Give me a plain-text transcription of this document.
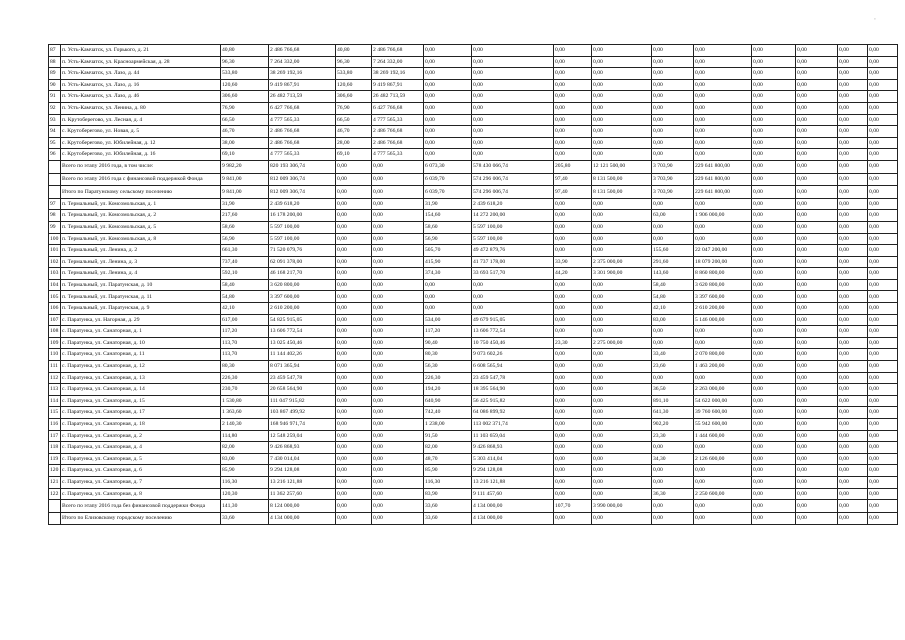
87	п. Усть-Камчатск, ул. Горького, д. 21	40,80	2 486 766,68	40,80	2 486 766,68	0,00	0,00	0,00	0,00	0,00	0,00	0,00	0,00	0,00	0,00
88	п. Усть-Камчатск, ул. Красноармейская, д. 28	96,30	7 264 332,00	96,30	7 264 332,00	0,00	0,00	0,00	0,00	0,00	0,00	0,00	0,00	0,00	0,00
89	п. Усть-Камчатск, ул. Лазо, д. 44	533,80	38 269 192,16	533,80	38 269 192,16	0,00	0,00	0,00	0,00	0,00	0,00	0,00	0,00	0,00	0,00
90	п. Усть-Камчатск, ул. Лазо, д. 16	120,60	9 419 867,91	120,60	9 419 867,91	0,00	0,00	0,00	0,00	0,00	0,00	0,00	0,00	0,00	0,00
91	п. Усть-Камчатск, ул. Лазо, д. 46	306,60	26 482 713,59	306,60	26 482 713,59	0,00	0,00	0,00	0,00	0,00	0,00	0,00	0,00	0,00	0,00
92	п. Усть-Камчатск, ул. Ленина, д. 80	76,90	6 427 766,68	76,90	6 427 766,68	0,00	0,00	0,00	0,00	0,00	0,00	0,00	0,00	0,00	0,00
93	п. Крутоберегово, ул. Лесная, д. 4	66,50	4 777 565,33	66,50	4 777 565,33	0,00	0,00	0,00	0,00	0,00	0,00	0,00	0,00	0,00	0,00
94	с. Крутоберегово, ул. Новая, д. 5	46,70	2 486 766,68	46,70	2 486 766,68	0,00	0,00	0,00	0,00	0,00	0,00	0,00	0,00	0,00	0,00
95	с. Крутоберегово, ул. Юбилейная, д. 12	38,00	2 486 766,68	28,00	2 486 766,68	0,00	0,00	0,00	0,00	0,00	0,00	0,00	0,00	0,00	0,00
96	с. Крутоберегово, ул. Юбилейная, д. 16	69,10	4 777 565,33	69,10	4 777 565,33	0,00	0,00	0,00	0,00	0,00	0,00	0,00	0,00	0,00	0,00
	Всего по этапу 2016 года, в том числе:	9 982,20	820 193 306,74	0,00	0,00	6 073,30	578 430 066,74	205,80	12 121 500,00	3 703,90	229 641 800,00	0,00	0,00	0,00	0,00
	Всего по этапу 2016 года с финансовой поддержкой Фонда	9 841,00	812 009 306,74	0,00	0,00	6 039,70	574 296 006,74	97,40	8 131 500,00	3 703,90	229 641 800,00	0,00	0,00	0,00	0,00
	Итого по Паратунскому сельскому поселению	9 841,00	812 009 306,74	0,00	0,00	6 039,70	574 296 006,74	97,40	8 131 500,00	3 703,90	229 641 800,00	0,00	0,00	0,00	0,00
97	п. Термальный, ул. Комсомольская, д. 1	31,90	2 439 618,20	0,00	0,00	31,90	2 439 618,20	0,00	0,00	0,00	0,00	0,00	0,00	0,00	0,00
98	п. Термальный, ул. Комсомольская, д. 2	217,60	16 178 200,00	0,00	0,00	154,60	14 272 200,00	0,00	0,00	63,00	1 906 000,00	0,00	0,00	0,00	0,00
99	п. Термальный, ул. Комсомольская, д. 5	58,60	5 597 100,00	0,00	0,00	58,60	5 597 100,00	0,00	0,00	0,00	0,00	0,00	0,00	0,00	0,00
100	п. Термальный, ул. Комсомольская, д. 8	56,90	5 597 100,00	0,00	0,00	56,90	5 597 100,00	0,00	0,00	0,00	0,00	0,00	0,00	0,00	0,00
101	п. Термальный, ул. Ленина, д. 2	661,30	71 520 079,76	0,00	0,00	505,70	49 472 879,76	0,00	0,00	155,60	22 047 200,00	0,00	0,00	0,00	0,00
102	п. Термальный, ул. Ленина, д. 3	737,40	62 091 378,00	0,00	0,00	415,90	41 737 178,00	33,90	2 375 000,00	291,60	18 079 200,00	0,00	0,00	0,00	0,00
103	п. Термальный, ул. Ленина, д. 4	592,10	46 168 217,70	0,00	0,00	374,30	33 693 517,70	44,20	3 301 900,00	143,60	8 860 800,00	0,00	0,00	0,00	0,00
104	п. Термальный, ул. Паратунская, д. 10	58,40	3 620 800,00	0,00	0,00	0,00	0,00	0,00	0,00	58,40	3 620 800,00	0,00	0,00	0,00	0,00
105	п. Термальный, ул. Паратунская, д. 11	54,80	3 397 600,00	0,00	0,00	0,00	0,00	0,00	0,00	54,80	3 397 600,00	0,00	0,00	0,00	0,00
106	п. Термальный, ул. Паратунская, д. 9	42,10	2 610 200,00	0,00	0,00	0,00	0,00	0,00	0,00	42,10	2 610 200,00	0,00	0,00	0,00	0,00
107	с. Паратунка, ул. Нагорная, д. 29	617,00	54 825 915,05	0,00	0,00	534,00	49 679 915,05	0,00	0,00	83,00	5 146 000,00	0,00	0,00	0,00	0,00
108	с. Паратунка, ул. Санаторная, д. 1	117,20	13 606 772,54	0,00	0,00	117,20	13 606 772,54	0,00	0,00	0,00	0,00	0,00	0,00	0,00	0,00
109	с. Паратунка, ул. Санаторная, д. 10	113,70	13 025 450,46	0,00	0,00	90,40	10 750 450,46	23,30	2 275 000,00	0,00	0,00	0,00	0,00	0,00	0,00
110	с. Паратунка, ул. Санаторная, д. 11	113,70	11 144 402,26	0,00	0,00	80,30	9 073 602,26	0,00	0,00	33,40	2 070 800,00	0,00	0,00	0,00	0,00
111	с. Паратунка, ул. Санаторная, д. 12	80,30	8 071 365,94	0,00	0,00	56,30	6 608 565,94	0,00	0,00	23,60	1 463 200,00	0,00	0,00	0,00	0,00
112	с. Паратунка, ул. Санаторная, д. 13	226,30	23 459 547,78	0,00	0,00	226,30	23 459 547,78	0,00	0,00	0,00	0,00	0,00	0,00	0,00	0,00
113	с. Паратунка, ул. Санаторная, д. 14	230,70	20 658 564,90	0,00	0,00	194,20	18 395 564,90	0,00	0,00	36,50	2 263 000,00	0,00	0,00	0,00	0,00
114	с. Паратунка, ул. Санаторная, д. 15	1 530,80	111 047 915,82	0,00	0,00	640,90	56 425 915,82	0,00	0,00	891,10	54 622 000,00	0,00	0,00	0,00	0,00
115	с. Паратунка, ул. Санаторная, д. 17	1 363,60	103 867 499,92	0,00	0,00	742,40	64 086 899,92	0,00	0,00	641,30	39 760 600,00	0,00	0,00	0,00	0,00
116	с. Паратунка, ул. Санаторная, д. 18	2 140,30	168 946 971,74	0,00	0,00	1 238,00	113 002 371,74	0,00	0,00	902,20	55 942 600,00	0,00	0,00	0,00	0,00
117	с. Паратунка, ул. Санаторная, д. 2	114,80	12 548 259,04	0,00	0,00	91,50	11 103 659,04	0,00	0,00	23,30	1 444 600,00	0,00	0,00	0,00	0,00
118	с. Паратунка, ул. Санаторная, д. 4	82,00	9 426 868,93	0,00	0,00	82,00	9 426 868,93	0,00	0,00	0,00	0,00	0,00	0,00	0,00	0,00
119	с. Паратунка, ул. Санаторная, д. 5	83,00	7 430 014,04	0,00	0,00	48,70	5 303 414,04	0,00	0,00	34,30	2 126 600,00	0,00	0,00	0,00	0,00
120	с. Паратунка, ул. Санаторная, д. 6	85,90	9 294 128,08	0,00	0,00	85,90	9 294 128,08	0,00	0,00	0,00	0,00	0,00	0,00	0,00	0,00
121	с. Паратунка, ул. Санаторная, д. 7	116,30	13 216 121,88	0,00	0,00	116,30	13 216 121,88	0,00	0,00	0,00	0,00	0,00	0,00	0,00	0,00
122	с. Паратунка, ул. Санаторная, д. 8	120,30	11 362 257,60	0,00	0,00	83,90	9 111 457,60	0,00	0,00	36,30	2 250 600,00	0,00	0,00	0,00	0,00
	Всего по этапу 2016 года без финансовой поддержки Фонда	141,30	8 124 000,00	0,00	0,00	33,60	4 134 000,00	107,70	3 990 000,00	0,00	0,00	0,00	0,00	0,00	0,00
	Итого по Елизовскому городскому поселению	33,60	4 134 000,00	0,00	0,00	33,60	4 134 000,00	0,00	0,00	0,00	0,00	0,00	0,00	0,00	0,00
¸
